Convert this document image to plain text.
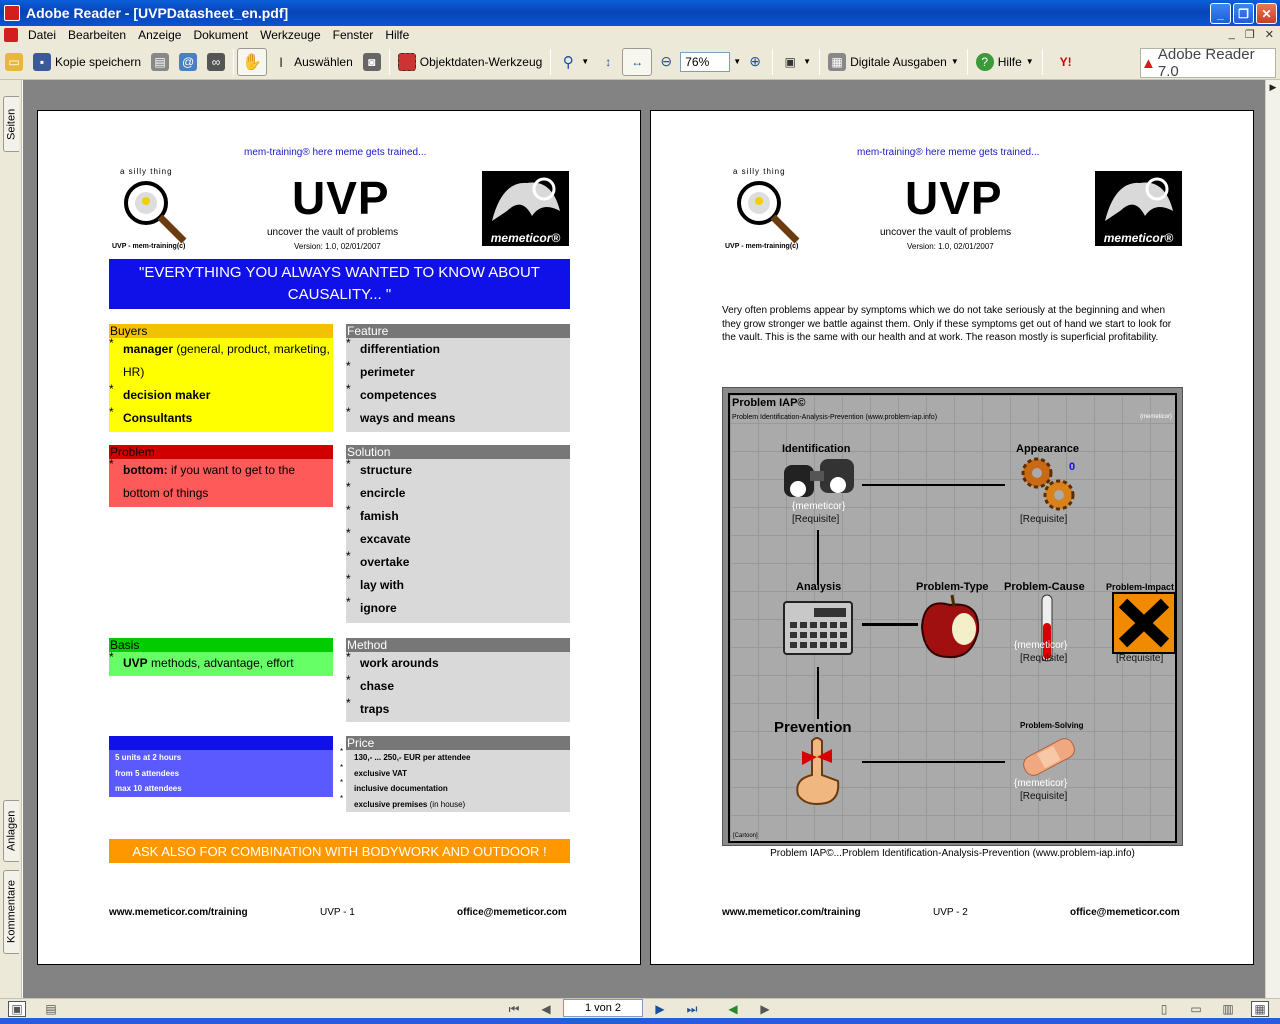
Adobe Reader - [UVPDatasheet_en.pdf]	_	❐	✕
Datei	Bearbeiten	Anzeige	Dokument	Werkzeuge	Fenster	Hilfe	_ ❐ ✕
▭	▪ Kopie speichern ▤ @	∞ ✋	I Auswählen	◙	Objektdaten-Werkzeug ⚲ ▼	↕	↔ ⊖	76%	▼ ⊕ ▣ ▼ ▦ Digitale Ausgaben ▼	? Hilfe ▼	Y!	▲ Adobe Reader 7.0
Seiten
Anlagen
Kommentare
mem-training® here meme gets trained...
a silly thing
UVP - mem-training(c)
UVP
uncover the vault of problems
Version: 1.0, 02/01/2007
memeticor®
"EVERYTHING YOU ALWAYS WANTED TO KNOW ABOUT CAUSALITY... "
Buyers
* manager (general, product, marketing, HR)
* decision maker
* Consultants
Feature
* differentiation
* perimeter
* competences
* ways and means
Problem
* bottom: if you want to get to the bottom of things
Solution
* structure
* encircle
* famish
* excavate
* overtake
* lay with
* ignore
Basis
* UVP methods, advantage, effort
Method
* work arounds
* chase
* traps
Product specifications
* 5 units at 2 hours
* from 5 attendees
* max 10 attendees
Price
* 130,- ... 250,- EUR per attendee
* exclusive VAT
* inclusive documentation
* exclusive premises (in house)
ASK ALSO FOR COMBINATION WITH BODYWORK AND OUTDOOR !
www.memeticor.com/training	UVP - 1	office@memeticor.com
mem-training® here meme gets trained...
a silly thing
UVP - mem-training(c)
UVP
uncover the vault of problems
Version: 1.0, 02/01/2007
memeticor®
Very often problems appear by symptoms which we do not take seriously at the beginning and when they grow stronger we battle against them. Only if these symptoms get out of hand we start to look for the vault. This is the same with our health and at work. The reason mostly is superficial profitability.
Problem IAP©
Problem Identification-Analysis-Prevention (www.problem-iap.info)	{memeticor}
Identification
{memeticor}
[Requisite]
Appearance
0
[Requisite]
Analysis	Problem-Type Problem-Cause
{memeticor}
[Requisite]
Problem-Impact
[Requisite]
Prevention	Problem-Solving
{memeticor}
[Requisite]
[Cartoon]
Problem IAP©...Problem Identification-Analysis-Prevention (www.problem-iap.info)
www.memeticor.com/training	UVP - 2	office@memeticor.com
▶
▣ ▤	⏮	◀	▶	⏭	◀	▶	▯	▭ ▥ ▦
1 von 2
